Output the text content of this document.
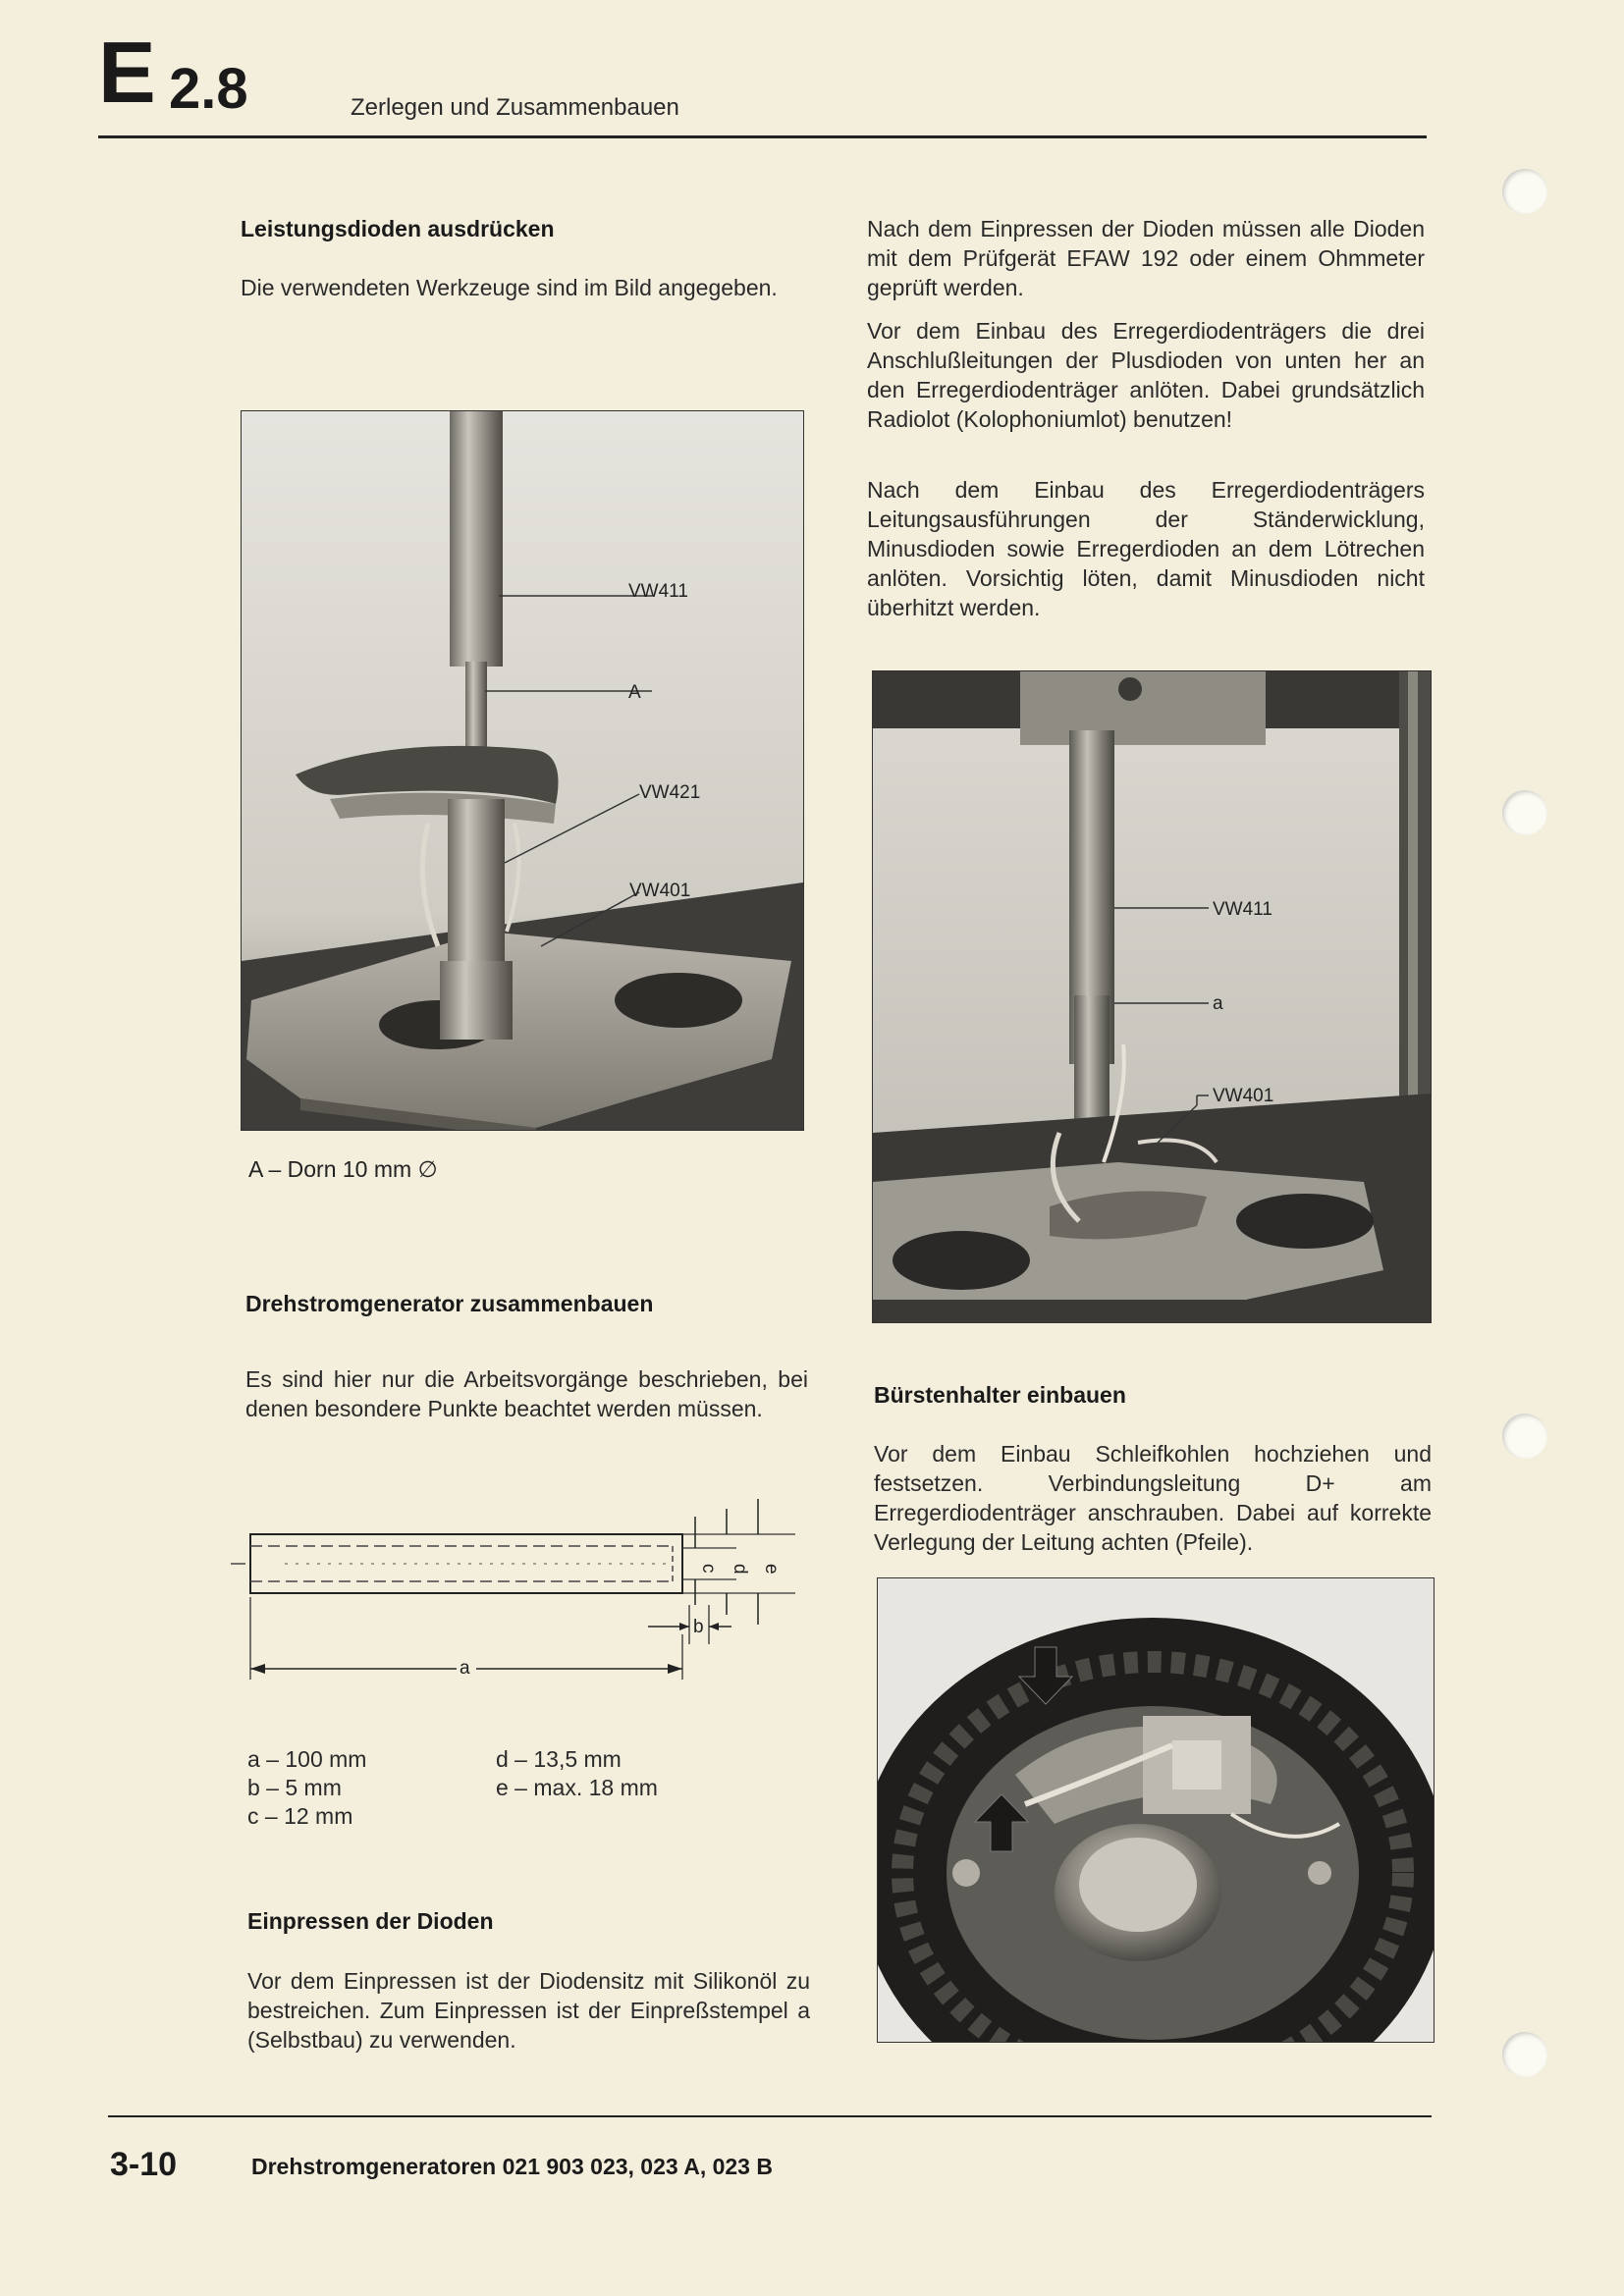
E 2.8	Zerlegen und Zusammenbauen
Leistungsdioden ausdrücken
Die verwendeten Werkzeuge sind im Bild angegeben.
VW411
A
VW421
VW401
A – Dorn 10 mm ∅
Drehstromgenerator zusammenbauen
Es sind hier nur die Arbeitsvorgänge beschrieben, bei denen besondere Punkte beachtet werden müssen.
a
b
c d e
a – 100 mm
b – 5 mm
c – 12 mm
d – 13,5 mm
e – max. 18 mm
Einpressen der Dioden
Vor dem Einpressen ist der Diodensitz mit Silikonöl zu bestreichen. Zum Einpressen ist der Einpreßstempel a (Selbstbau) zu verwenden.
Nach dem Einpressen der Dioden müssen alle Dioden mit dem Prüfgerät EFAW 192 oder einem Ohmmeter geprüft werden.
Vor dem Einbau des Erregerdiodenträgers die drei Anschlußleitungen der Plusdioden von unten her an den Erregerdiodenträger anlöten. Dabei grundsätzlich Radiolot (Kolophoniumlot) benutzen!
Nach dem Einbau des Erregerdiodenträgers Leitungsausführungen der Ständerwicklung, Minusdioden sowie Erregerdioden an dem Lötrechen anlöten. Vorsichtig löten, damit Minusdioden nicht überhitzt werden.
VW411
a
VW401
Bürstenhalter einbauen
Vor dem Einbau Schleifkohlen hochziehen und festsetzen. Verbindungsleitung D+ am Erregerdiodenträger anschrauben. Dabei auf korrekte Verlegung der Leitung achten (Pfeile).
3-10	Drehstromgeneratoren 021 903 023, 023 A, 023 B
